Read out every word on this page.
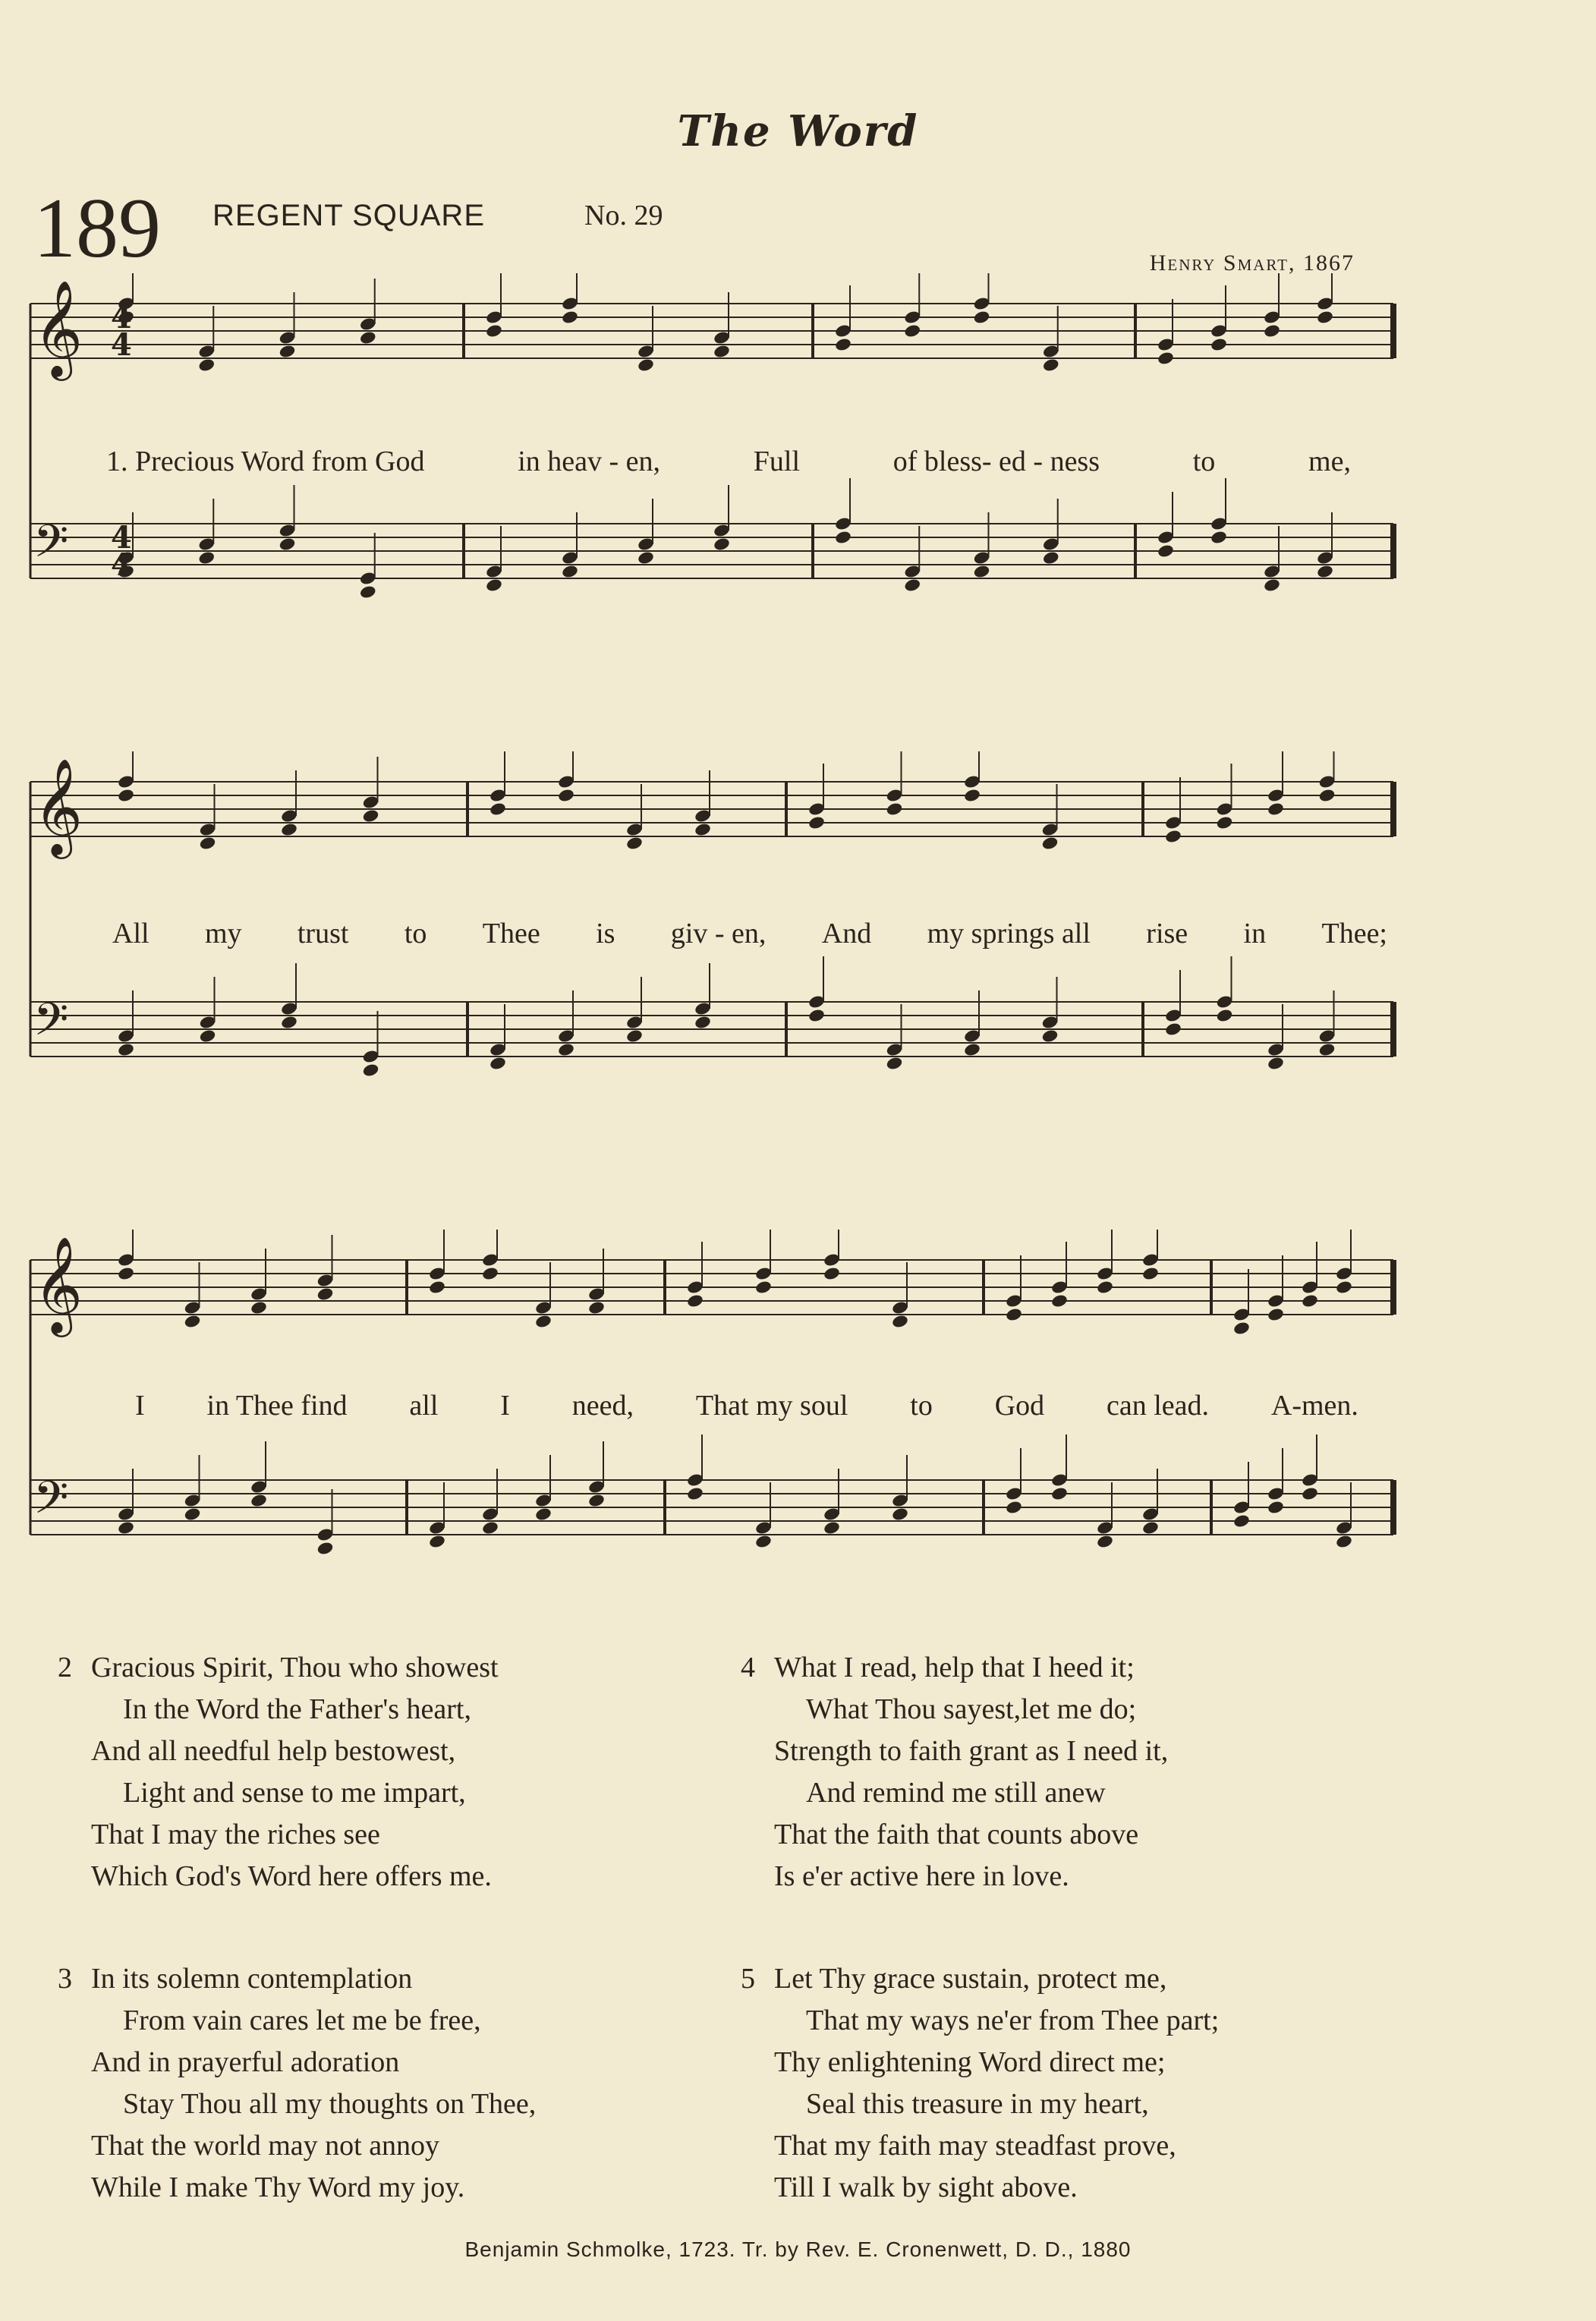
The Word
189 REGENT SQUARE	No. 29
Henry Smart, 1867
𝄞
𝄢
4
4
4
4
1. Precious Word from God	in heav - en,	Full	of bless- ed - ness	to	me,
𝄞
𝄢
All my trust to Thee is giv - en, And my springs all rise in Thee;
𝄞
𝄢
I in Thee find all I need, That my soul to God can lead. A-men.
2 Gracious Spirit, Thou who showest
In the Word the Father's heart,
And all needful help bestowest,
Light and sense to me impart,
That I may the riches see
Which God's Word here offers me.
4 What I read, help that I heed it;
What Thou sayest,let me do;
Strength to faith grant as I need it,
And remind me still anew
That the faith that counts above
Is e'er active here in love.
3 In its solemn contemplation
From vain cares let me be free,
And in prayerful adoration
Stay Thou all my thoughts on Thee,
That the world may not annoy
While I make Thy Word my joy.
5 Let Thy grace sustain, protect me,
That my ways ne'er from Thee part;
Thy enlightening Word direct me;
Seal this treasure in my heart,
That my faith may steadfast prove,
Till I walk by sight above.
Benjamin Schmolke, 1723. Tr. by Rev. E. Cronenwett, D. D., 1880
